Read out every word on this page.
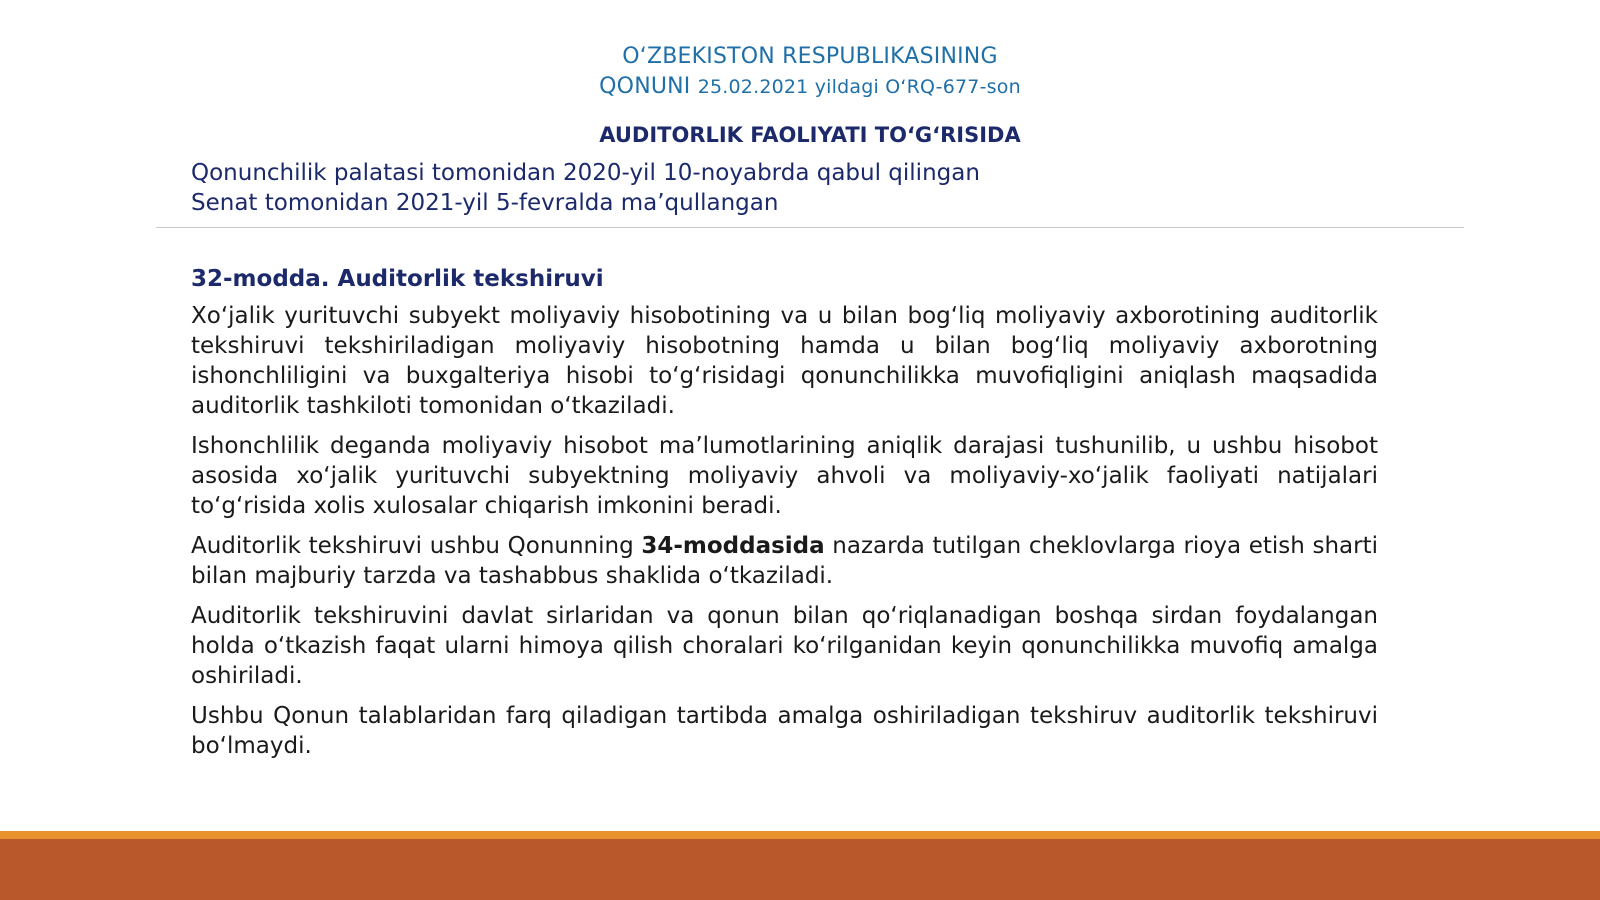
O‘ZBEKISTON RESPUBLIKASINING
QONUNI 25.02.2021 yildagi O‘RQ-677-son
AUDITORLIK FAOLIYATI TO‘G‘RISIDA
Qonunchilik palatasi tomonidan 2020-yil 10-noyabrda qabul qilingan
Senat tomonidan 2021-yil 5-fevralda ma’qullangan
32-modda. Auditorlik tekshiruvi

Xo‘jalik yurituvchi subyekt moliyaviy hisobotining va u bilan bog‘liq moliyaviy axborotining auditorlik tekshiruvi tekshiriladigan moliyaviy hisobotning hamda u bilan bog‘liq moliyaviy axborotning ishonchliligini va buxgalteriya hisobi to‘g‘risidagi qonunchilikka muvofiqligini aniqlash maqsadida auditorlik tashkiloti tomonidan o‘tkaziladi.

Ishonchlilik deganda moliyaviy hisobot ma’lumotlarining aniqlik darajasi tushunilib, u ushbu hisobot asosida xo‘jalik yurituvchi subyektning moliyaviy ahvoli va moliyaviy-xo‘jalik faoliyati natijalari to‘g‘risida xolis xulosalar chiqarish imkonini beradi.

Auditorlik tekshiruvi ushbu Qonunning 34-moddasida nazarda tutilgan cheklovlarga rioya etish sharti bilan majburiy tarzda va tashabbus shaklida o‘tkaziladi.

Auditorlik tekshiruvini davlat sirlaridan va qonun bilan qo‘riqlanadigan boshqa sirdan foydalangan holda o‘tkazish faqat ularni himoya qilish choralari ko‘rilganidan keyin qonunchilikka muvofiq amalga oshiriladi.

Ushbu Qonun talablaridan farq qiladigan tartibda amalga oshiriladigan tekshiruv auditorlik tekshiruvi bo‘lmaydi.
